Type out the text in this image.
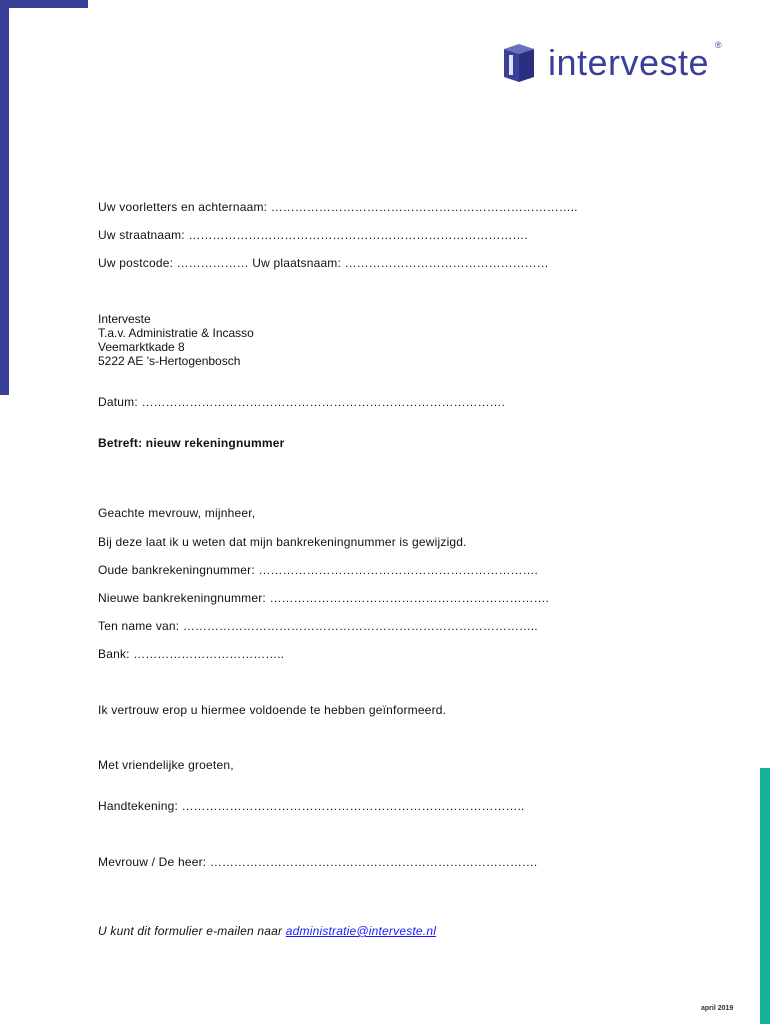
interveste ®
Uw voorletters en achternaam: …………………………………………………………………..
Uw straatnaam: ………………………………………………………………………….
Uw postcode: ……………… Uw plaatsnaam: ……………………………………………
Interveste
T.a.v. Administratie & Incasso
Veemarktkade 8
5222 AE 's-Hertogenbosch
Datum: ……………………………………………………………………………….
Betreft: nieuw rekeningnummer
Geachte mevrouw, mijnheer,
Bij deze laat ik u weten dat mijn bankrekeningnummer is gewijzigd.
Oude bankrekeningnummer: …………………………………………………………….
Nieuwe bankrekeningnummer: …………………………………………………………….
Ten name van: ……………………………………………………………………………..
Bank: ………………………………..
Ik vertrouw erop u hiermee voldoende te hebben geïnformeerd.
Met vriendelijke groeten,
Handtekening: …………………………………………………………………………..
Mevrouw / De heer: ……………………………………………………………………….
U kunt dit formulier e-mailen naar administratie@interveste.nl
april 2019
